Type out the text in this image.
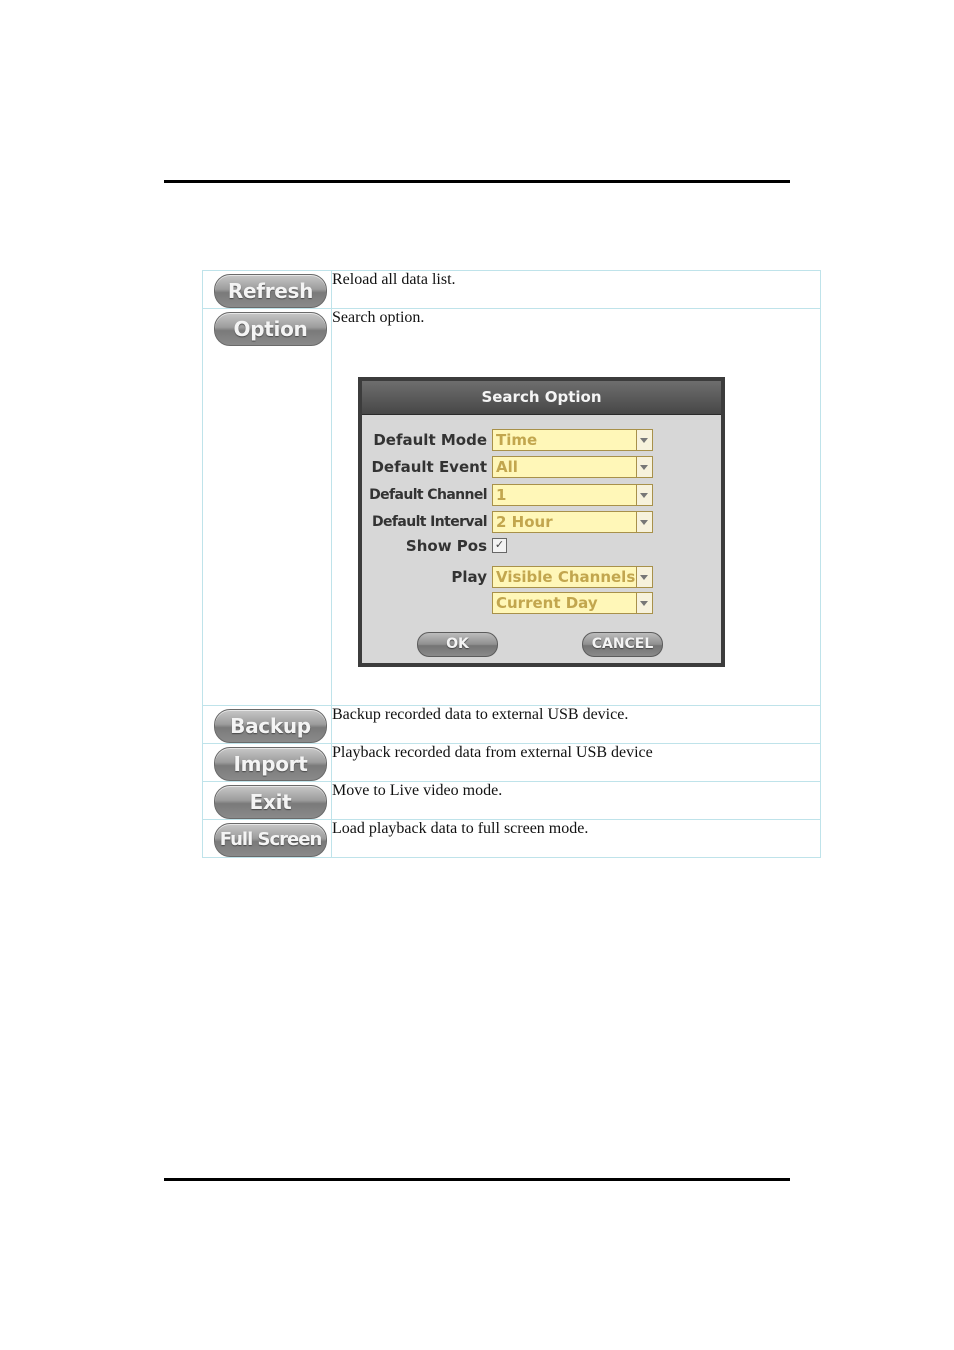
Refresh	Reload all data list.

Option	Search option.

Backup	Backup recorded data to external USB device.

Import	Playback recorded data from external USB device

Exit	Move to Live video mode.

Full Screen	Load playback data to full screen mode.
Search Option
Default Mode Time
Default Event All
Default Channel 1
Default Interval 2 Hour
Show Pos ✓
Play Visible Channels
Current Day
OK	CANCEL
